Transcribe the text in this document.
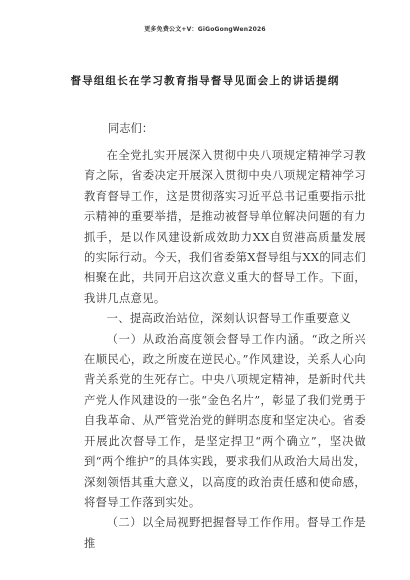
更多免费公文+V：GiGoGongWen2026
督导组组长在学习教育指导督导见面会上的讲话提纲

同志们：

在全党扎实开展深入贯彻中央八项规定精神学习教育之际，省委决定开展深入贯彻中央八项规定精神学习教育督导工作，这是贯彻落实习近平总书记重要指示批示精神的重要举措，是推动被督导单位解决问题的有力抓手，是以作风建设新成效助力XX自贸港高质量发展的实际行动。今天，我们省委第X督导组与XX的同志们相聚在此，共同开启这次意义重大的督导工作。下面，我讲几点意见。

一、提高政治站位，深刻认识督导工作重要意义

（一）从政治高度领会督导工作内涵。“政之所兴在顺民心，政之所废在逆民心。”作风建设，关系人心向背关系党的生死存亡。中央八项规定精神，是新时代共产党人作风建设的一张“金色名片”，彰显了我们党勇于自我革命、从严管党治党的鲜明态度和坚定决心。省委开展此次督导工作，是坚定捍卫“两个确立”，坚决做到“两个维护”的具体实践，要求我们从政治大局出发，深刻领悟其重大意义，以高度的政治责任感和使命感，将督导工作落到实处。

（二）以全局视野把握督导工作作用。督导工作是推
